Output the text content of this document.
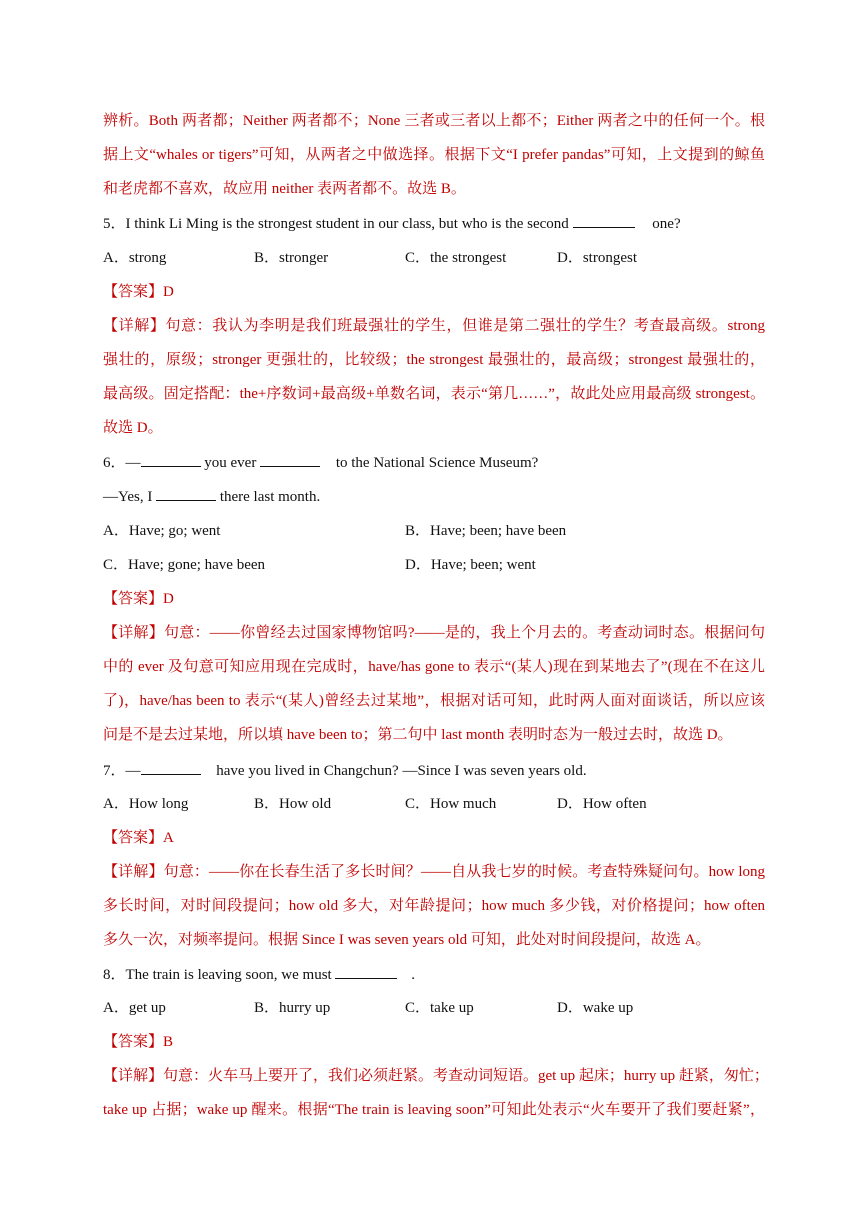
辨析。Both 两者都；Neither 两者都不；None 三者或三者以上都不；Either 两者之中的任何一个。根
据上文“whales or tigers”可知，从两者之中做选择。根据下文“I prefer pandas”可知，上文提到的鲸鱼
和老虎都不喜欢，故应用 neither 表两者都不。故选 B。
5．I think Li Ming is the strongest student in our class, but who is the second	one?
A．strong	B．stronger	C．the strongest	D．strongest
【答案】D
【详解】句意：我认为李明是我们班最强壮的学生，但谁是第二强壮的学生？考查最高级。strong
强壮的，原级；stronger 更强壮的，比较级；the strongest 最强壮的，最高级；strongest 最强壮的，
最高级。固定搭配：the+序数词+最高级+单数名词，表示“第几……”，故此处应用最高级 strongest。
故选 D。
6．—	you ever	to the National Science Museum?
—Yes, I	there last month.
A．Have; go; went	B．Have; been; have been
C．Have; gone; have been	D．Have; been; went
【答案】D
【详解】句意：——你曾经去过国家博物馆吗?——是的，我上个月去的。考查动词时态。根据问句
中的 ever 及句意可知应用现在完成时，have/has gone to 表示“(某人)现在到某地去了”(现在不在这儿
了)，have/has been to 表示“(某人)曾经去过某地”，根据对话可知，此时两人面对面谈话，所以应该
问是不是去过某地，所以填 have been to；第二句中 last month 表明时态为一般过去时，故选 D。
7．—	have you lived in Changchun? —Since I was seven years old.
A．How long	B．How old	C．How much	D．How often
【答案】A
【详解】句意：——你在长春生活了多长时间？——自从我七岁的时候。考查特殊疑问句。how long
多长时间，对时间段提问；how old 多大，对年龄提问；how much 多少钱，对价格提问；how often
多久一次，对频率提问。根据 Since I was seven years old 可知，此处对时间段提问，故选 A。
8．The train is leaving soon, we must	.
A．get up	B．hurry up	C．take up	D．wake up
【答案】B
【详解】句意：火车马上要开了，我们必须赶紧。考查动词短语。get up 起床；hurry up 赶紧，匆忙；
take up 占据；wake up 醒来。根据“The train is leaving soon”可知此处表示“火车要开了我们要赶紧”，
